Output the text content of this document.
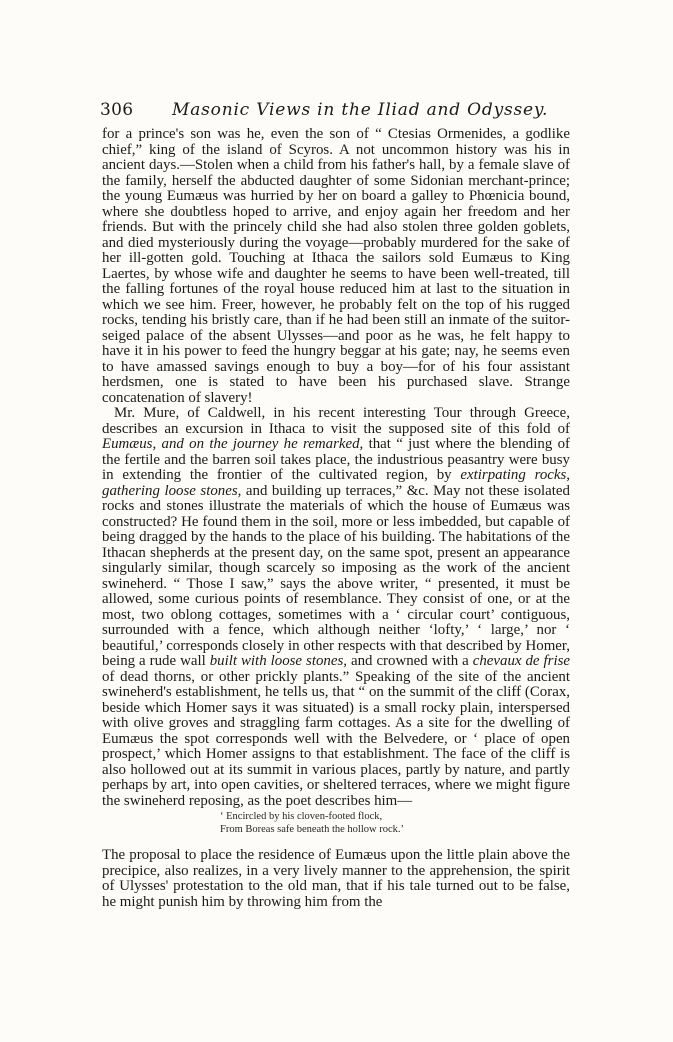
306 Masonic Views in the Iliad and Odyssey.

for a prince's son was he, even the son of “ Ctesias Ormenides, a godlike chief,” king of the island of Scyros. A not uncommon history was his in ancient days.—Stolen when a child from his father's hall, by a female slave of the family, herself the abducted daughter of some Sidonian merchant-prince; the young Eumæus was hurried by her on board a galley to Phœnicia bound, where she doubtless hoped to arrive, and enjoy again her freedom and her friends. But with the princely child she had also stolen three golden goblets, and died mysteriously during the voyage—probably murdered for the sake of her ill-gotten gold. Touching at Ithaca the sailors sold Eumæus to King Laertes, by whose wife and daughter he seems to have been well-treated, till the falling fortunes of the royal house reduced him at last to the situation in which we see him. Freer, however, he probably felt on the top of his rugged rocks, tending his bristly care, than if he had been still an inmate of the suitor-seiged palace of the absent Ulysses—and poor as he was, he felt happy to have it in his power to feed the hungry beggar at his gate; nay, he seems even to have amassed savings enough to buy a boy—for of his four assistant herdsmen, one is stated to have been his purchased slave. Strange concatenation of slavery!

Mr. Mure, of Caldwell, in his recent interesting Tour through Greece, describes an excursion in Ithaca to visit the supposed site of this fold of Eumæus, and on the journey he remarked, that “ just where the blending of the fertile and the barren soil takes place, the industrious peasantry were busy in extending the frontier of the cultivated region, by extirpating rocks, gathering loose stones, and building up terraces,” &c. May not these isolated rocks and stones illustrate the materials of which the house of Eumæus was constructed? He found them in the soil, more or less imbedded, but capable of being dragged by the hands to the place of his building. The habitations of the Ithacan shepherds at the present day, on the same spot, present an appearance singularly similar, though scarcely so imposing as the work of the ancient swineherd. “ Those I saw,” says the above writer, “ presented, it must be allowed, some curious points of resemblance. They consist of one, or at the most, two oblong cottages, sometimes with a ‘ circular court’ contiguous, surrounded with a fence, which although neither ‘lofty,’ ‘ large,’ nor ‘ beautiful,’ corresponds closely in other respects with that described by Homer, being a rude wall built with loose stones, and crowned with a chevaux de frise of dead thorns, or other prickly plants.” Speaking of the site of the ancient swineherd's establishment, he tells us, that “ on the summit of the cliff (Corax, beside which Homer says it was situated) is a small rocky plain, interspersed with olive groves and straggling farm cottages. As a site for the dwelling of Eumæus the spot corresponds well with the Belvedere, or ‘ place of open prospect,’ which Homer assigns to that establishment. The face of the cliff is also hollowed out at its summit in various places, partly by nature, and partly perhaps by art, into open cavities, or sheltered terraces, where we might figure the swineherd reposing, as the poet describes him—

‘ Encircled by his cloven-footed flock,
From Boreas safe beneath the hollow rock.’

The proposal to place the residence of Eumæus upon the little plain above the precipice, also realizes, in a very lively manner to the apprehension, the spirit of Ulysses' protestation to the old man, that if his tale turned out to be false, he might punish him by throwing him from the
